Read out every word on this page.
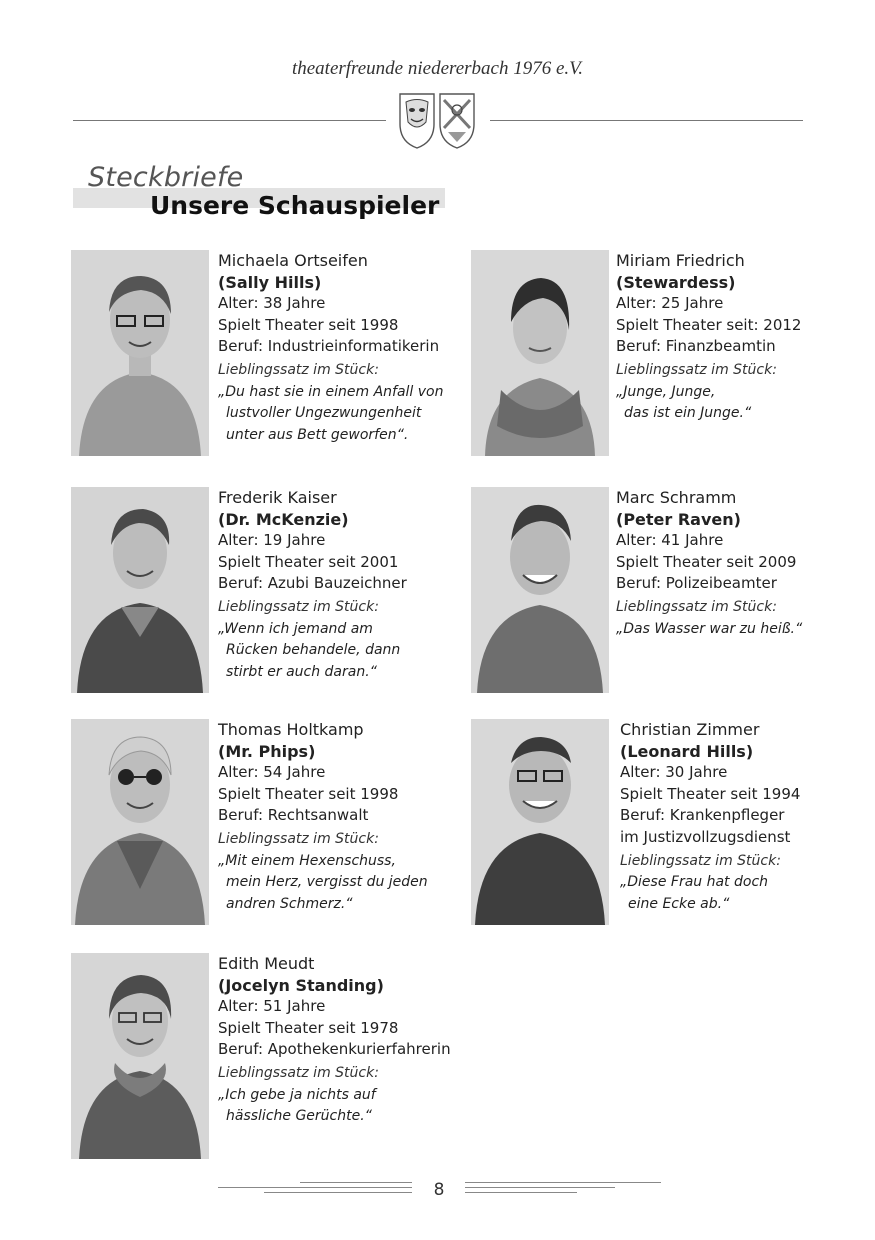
theaterfreunde niedererbach 1976 e.V.
Steckbriefe
Unsere Schauspieler
Michaela Ortseifen
(Sally Hills)
Alter: 38 Jahre
Spielt Theater seit 1998
Beruf: Industrieinformatikerin
Lieblingssatz im Stück:
„Du hast sie in einem Anfall von
lustvoller Ungezwungenheit
unter aus Bett geworfen“.
Miriam Friedrich
(Stewardess)
Alter: 25 Jahre
Spielt Theater seit: 2012
Beruf: Finanzbeamtin
Lieblingssatz im Stück:
„Junge, Junge,
das ist ein Junge.“
Frederik Kaiser
(Dr. McKenzie)
Alter: 19 Jahre
Spielt Theater seit 2001
Beruf: Azubi Bauzeichner
Lieblingssatz im Stück:
„Wenn ich jemand am
Rücken behandele, dann
stirbt er auch daran.“
Marc Schramm
(Peter Raven)
Alter: 41 Jahre
Spielt Theater seit 2009
Beruf: Polizeibeamter
Lieblingssatz im Stück:
„Das Wasser war zu heiß.“
Thomas Holtkamp
(Mr. Phips)
Alter: 54 Jahre
Spielt Theater seit 1998
Beruf: Rechtsanwalt
Lieblingssatz im Stück:
„Mit einem Hexenschuss,
mein Herz, vergisst du jeden
andren Schmerz.“
Christian Zimmer
(Leonard Hills)
Alter: 30 Jahre
Spielt Theater seit 1994
Beruf: Krankenpfleger
im Justizvollzugsdienst
Lieblingssatz im Stück:
„Diese Frau hat doch
eine Ecke ab.“
Edith Meudt
(Jocelyn Standing)
Alter: 51 Jahre
Spielt Theater seit 1978
Beruf: Apothekenkurierfahrerin
Lieblingssatz im Stück:
„Ich gebe ja nichts auf
hässliche Gerüchte.“
8
